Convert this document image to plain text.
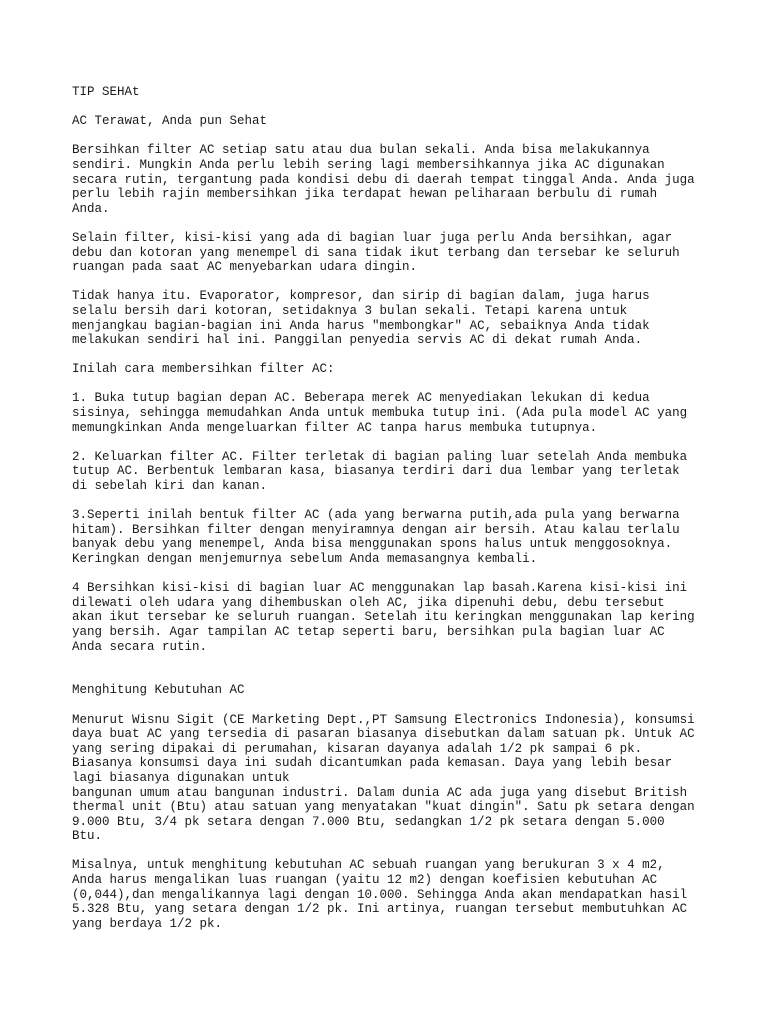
TIP SEHAt

AC Terawat, Anda pun Sehat

Bersihkan filter AC setiap satu atau dua bulan sekali. Anda bisa melakukannya
sendiri. Mungkin Anda perlu lebih sering lagi membersihkannya jika AC digunakan
secara rutin, tergantung pada kondisi debu di daerah tempat tinggal Anda. Anda juga
perlu lebih rajin membersihkan jika terdapat hewan peliharaan berbulu di rumah
Anda.

Selain filter, kisi-kisi yang ada di bagian luar juga perlu Anda bersihkan, agar
debu dan kotoran yang menempel di sana tidak ikut terbang dan tersebar ke seluruh
ruangan pada saat AC menyebarkan udara dingin.

Tidak hanya itu. Evaporator, kompresor, dan sirip di bagian dalam, juga harus
selalu bersih dari kotoran, setidaknya 3 bulan sekali. Tetapi karena untuk
menjangkau bagian-bagian ini Anda harus "membongkar" AC, sebaiknya Anda tidak
melakukan sendiri hal ini. Panggilan penyedia servis AC di dekat rumah Anda.

Inilah cara membersihkan filter AC:

1. Buka tutup bagian depan AC. Beberapa merek AC menyediakan lekukan di kedua
sisinya, sehingga memudahkan Anda untuk membuka tutup ini. (Ada pula model AC yang
memungkinkan Anda mengeluarkan filter AC tanpa harus membuka tutupnya.

2. Keluarkan filter AC. Filter terletak di bagian paling luar setelah Anda membuka
tutup AC. Berbentuk lembaran kasa, biasanya terdiri dari dua lembar yang terletak
di sebelah kiri dan kanan.

3.Seperti inilah bentuk filter AC (ada yang berwarna putih,ada pula yang berwarna
hitam). Bersihkan filter dengan menyiramnya dengan air bersih. Atau kalau terlalu
banyak debu yang menempel, Anda bisa menggunakan spons halus untuk menggosoknya.
Keringkan dengan menjemurnya sebelum Anda memasangnya kembali.

4 Bersihkan kisi-kisi di bagian luar AC menggunakan lap basah.Karena kisi-kisi ini
dilewati oleh udara yang dihembuskan oleh AC, jika dipenuhi debu, debu tersebut
akan ikut tersebar ke seluruh ruangan. Setelah itu keringkan menggunakan lap kering
yang bersih. Agar tampilan AC tetap seperti baru, bersihkan pula bagian luar AC
Anda secara rutin.

Menghitung Kebutuhan AC

Menurut Wisnu Sigit (CE Marketing Dept.,PT Samsung Electronics Indonesia), konsumsi
daya buat AC yang tersedia di pasaran biasanya disebutkan dalam satuan pk. Untuk AC
yang sering dipakai di perumahan, kisaran dayanya adalah 1/2 pk sampai 6 pk.
Biasanya konsumsi daya ini sudah dicantumkan pada kemasan. Daya yang lebih besar
lagi biasanya digunakan untuk
bangunan umum atau bangunan industri. Dalam dunia AC ada juga yang disebut British
thermal unit (Btu) atau satuan yang menyatakan "kuat dingin". Satu pk setara dengan
9.000 Btu, 3/4 pk setara dengan 7.000 Btu, sedangkan 1/2 pk setara dengan 5.000
Btu.

Misalnya, untuk menghitung kebutuhan AC sebuah ruangan yang berukuran 3 x 4 m2,
Anda harus mengalikan luas ruangan (yaitu 12 m2) dengan koefisien kebutuhan AC
(0,044),dan mengalikannya lagi dengan 10.000. Sehingga Anda akan mendapatkan hasil
5.328 Btu, yang setara dengan 1/2 pk. Ini artinya, ruangan tersebut membutuhkan AC
yang berdaya 1/2 pk.
